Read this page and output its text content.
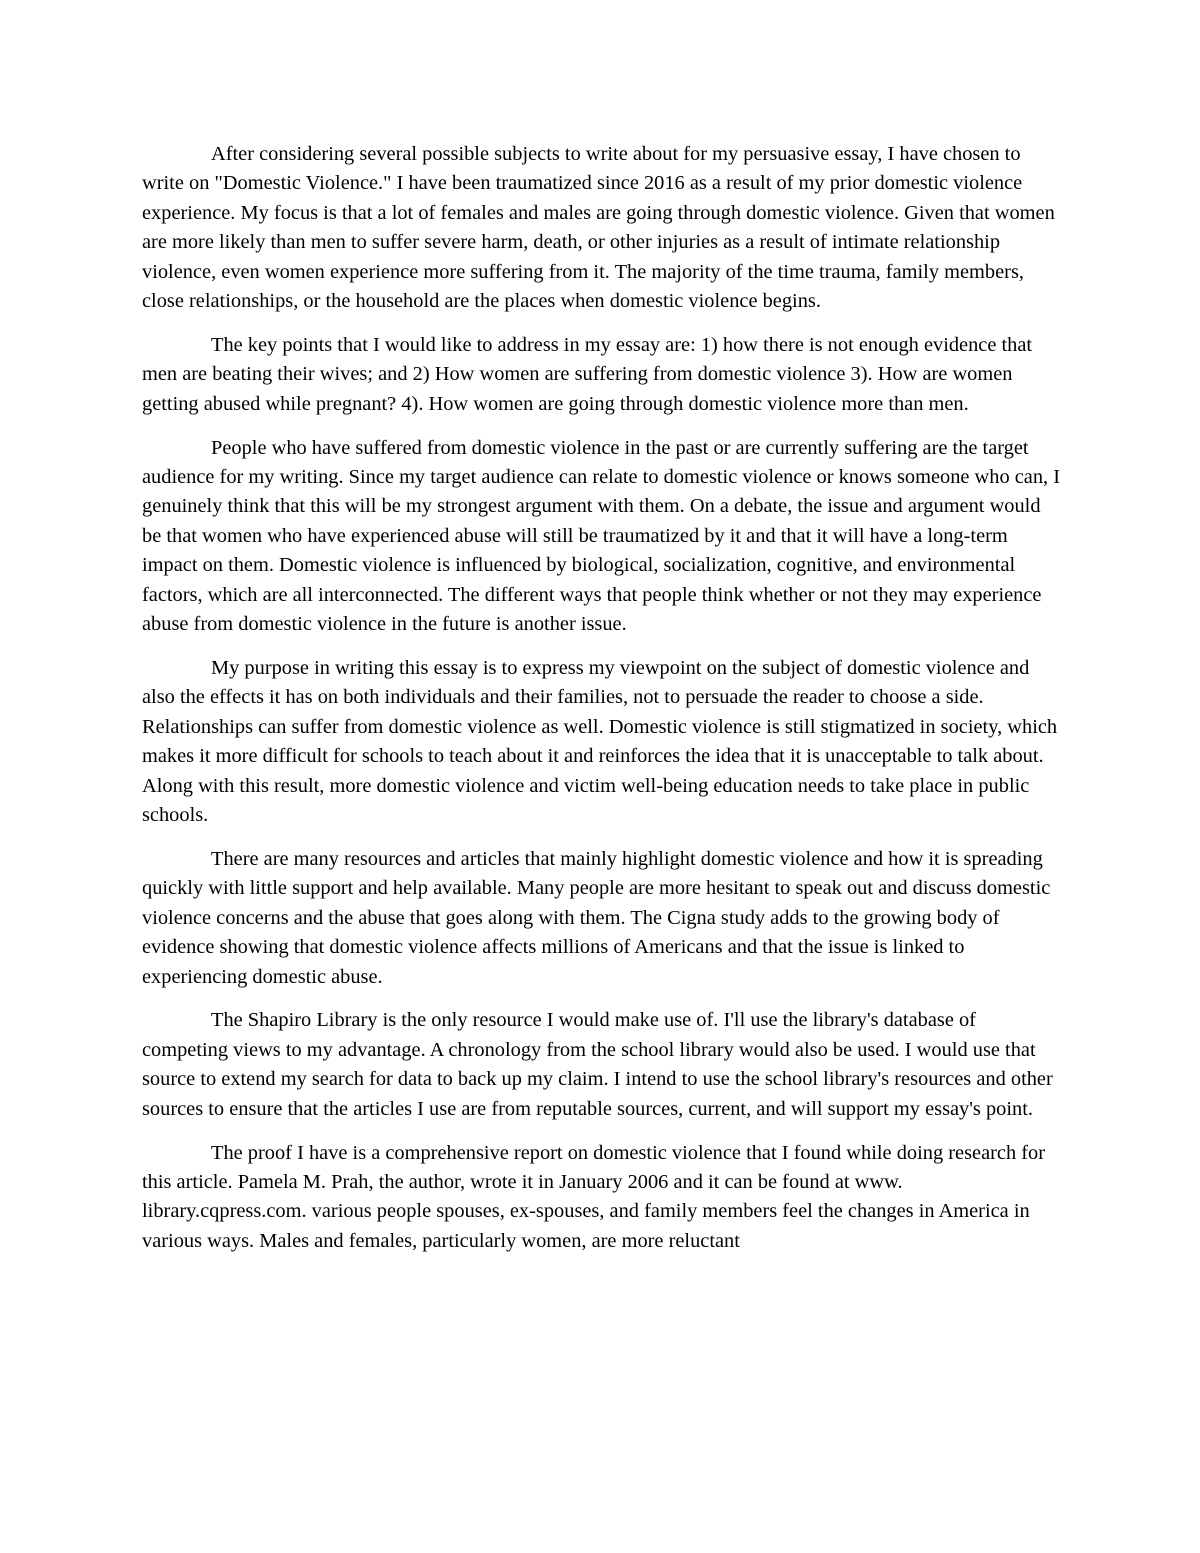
After considering several possible subjects to write about for my persuasive essay, I have chosen to write on "Domestic Violence." I have been traumatized since 2016 as a result of my prior domestic violence experience. My focus is that a lot of females and males are going through domestic violence. Given that women are more likely than men to suffer severe harm, death, or other injuries as a result of intimate relationship violence, even women experience more suffering from it. The majority of the time trauma, family members, close relationships, or the household are the places when domestic violence begins.

The key points that I would like to address in my essay are: 1) how there is not enough evidence that men are beating their wives; and 2) How women are suffering from domestic violence 3). How are women getting abused while pregnant? 4). How women are going through domestic violence more than men.

People who have suffered from domestic violence in the past or are currently suffering are the target audience for my writing. Since my target audience can relate to domestic violence or knows someone who can, I genuinely think that this will be my strongest argument with them. On a debate, the issue and argument would be that women who have experienced abuse will still be traumatized by it and that it will have a long-term impact on them. Domestic violence is influenced by biological, socialization, cognitive, and environmental factors, which are all interconnected. The different ways that people think whether or not they may experience abuse from domestic violence in the future is another issue.

My purpose in writing this essay is to express my viewpoint on the subject of domestic violence and also the effects it has on both individuals and their families, not to persuade the reader to choose a side. Relationships can suffer from domestic violence as well. Domestic violence is still stigmatized in society, which makes it more difficult for schools to teach about it and reinforces the idea that it is unacceptable to talk about. Along with this result, more domestic violence and victim well-being education needs to take place in public schools.

There are many resources and articles that mainly highlight domestic violence and how it is spreading quickly with little support and help available. Many people are more hesitant to speak out and discuss domestic violence concerns and the abuse that goes along with them. The Cigna study adds to the growing body of evidence showing that domestic violence affects millions of Americans and that the issue is linked to experiencing domestic abuse.

The Shapiro Library is the only resource I would make use of. I'll use the library's database of competing views to my advantage. A chronology from the school library would also be used. I would use that source to extend my search for data to back up my claim. I intend to use the school library's resources and other sources to ensure that the articles I use are from reputable sources, current, and will support my essay's point.

The proof I have is a comprehensive report on domestic violence that I found while doing research for this article. Pamela M. Prah, the author, wrote it in January 2006 and it can be found at www. library.cqpress.com. various people spouses, ex-spouses, and family members feel the changes in America in various ways. Males and females, particularly women, are more reluctant
